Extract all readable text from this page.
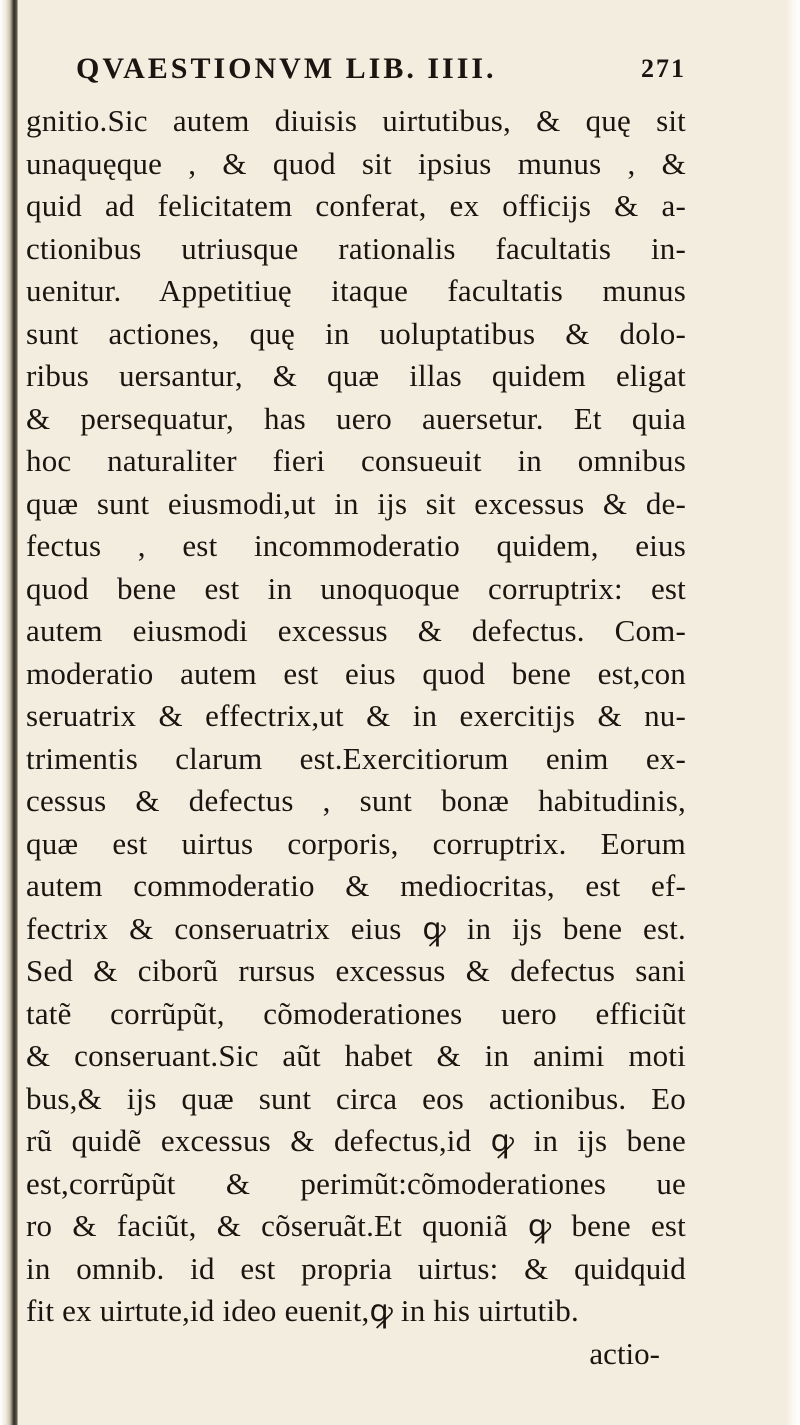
QVAESTIONVM LIB. IIII.	271
gnitio.Sic autem diuisis uirtutibus, & quę sit
unaquęque , & quod sit ipsius munus , &
quid ad felicitatem conferat, ex officijs & a-
ctionibus utriusque rationalis facultatis in-
uenitur. Appetitiuę itaque facultatis munus
sunt actiones, quę in uoluptatibus & dolo-
ribus uersantur, & quæ illas quidem eligat
& persequatur, has uero auersetur. Et quia
hoc naturaliter fieri consueuit in omnibus
quæ sunt eiusmodi,ut in ijs sit excessus & de-
fectus , est incommoderatio quidem, eius
quod bene est in unoquoque corruptrix: est
autem eiusmodi excessus & defectus. Com-
moderatio autem est eius quod bene est,con
seruatrix & effectrix,ut & in exercitijs & nu-
trimentis clarum est.Exercitiorum enim ex-
cessus & defectus , sunt bonæ habitudinis,
quæ est uirtus corporis, corruptrix. Eorum
autem commoderatio & mediocritas, est ef-
fectrix & conseruatrix eius ꝙ in ijs bene est.
Sed & ciborũ rursus excessus & defectus sani
tatẽ corrũpũt, cõmoderationes uero efficiũt
& conseruant.Sic aũt habet & in animi moti
bus,& ijs quæ sunt circa eos actionibus. Eo
rũ quidẽ excessus & defectus,id ꝙ in ijs bene
est,corrũpũt & perimũt:cõmoderationes ue
ro & faciũt, & cõseruãt.Et quoniã ꝙ bene est
in omnib. id est propria uirtus: & quidquid
fit ex uirtute,id ideo euenit,ꝙ in his uirtutib.
actio-
